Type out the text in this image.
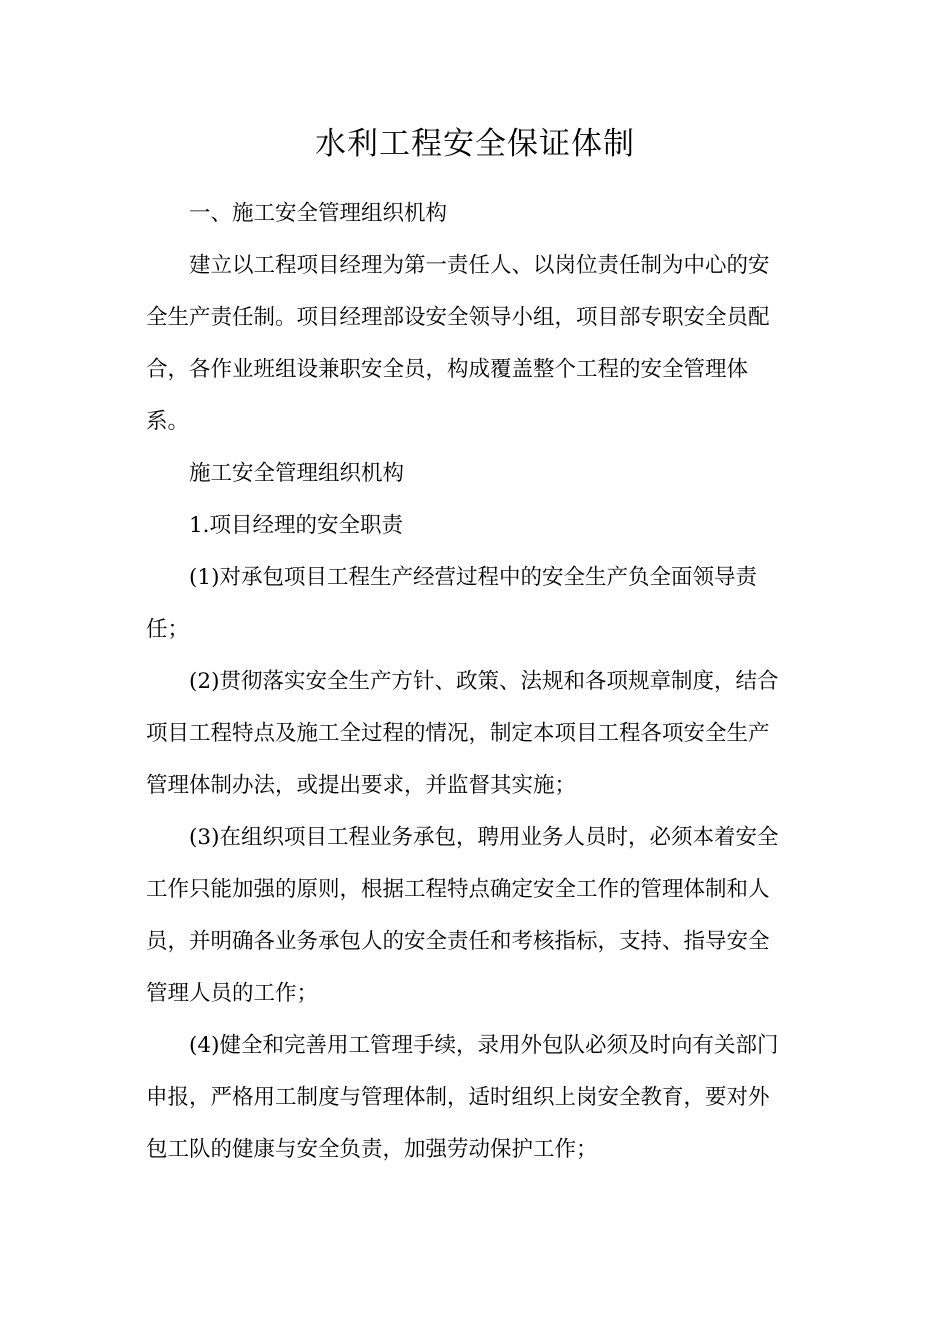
水利工程安全保证体制

一、施工安全管理组织机构

建立以工程项目经理为第一责任人、以岗位责任制为中心的安
全生产责任制。项目经理部设安全领导小组，项目部专职安全员配
合，各作业班组设兼职安全员，构成覆盖整个工程的安全管理体
系。

施工安全管理组织机构

1.项目经理的安全职责

(1)对承包项目工程生产经营过程中的安全生产负全面领导责
任；

(2)贯彻落实安全生产方针、政策、法规和各项规章制度，结合
项目工程特点及施工全过程的情况，制定本项目工程各项安全生产
管理体制办法，或提出要求，并监督其实施；

(3)在组织项目工程业务承包，聘用业务人员时，必须本着安全
工作只能加强的原则，根据工程特点确定安全工作的管理体制和人
员，并明确各业务承包人的安全责任和考核指标，支持、指导安全
管理人员的工作；

(4)健全和完善用工管理手续，录用外包队必须及时向有关部门
申报，严格用工制度与管理体制，适时组织上岗安全教育，要对外
包工队的健康与安全负责，加强劳动保护工作；
